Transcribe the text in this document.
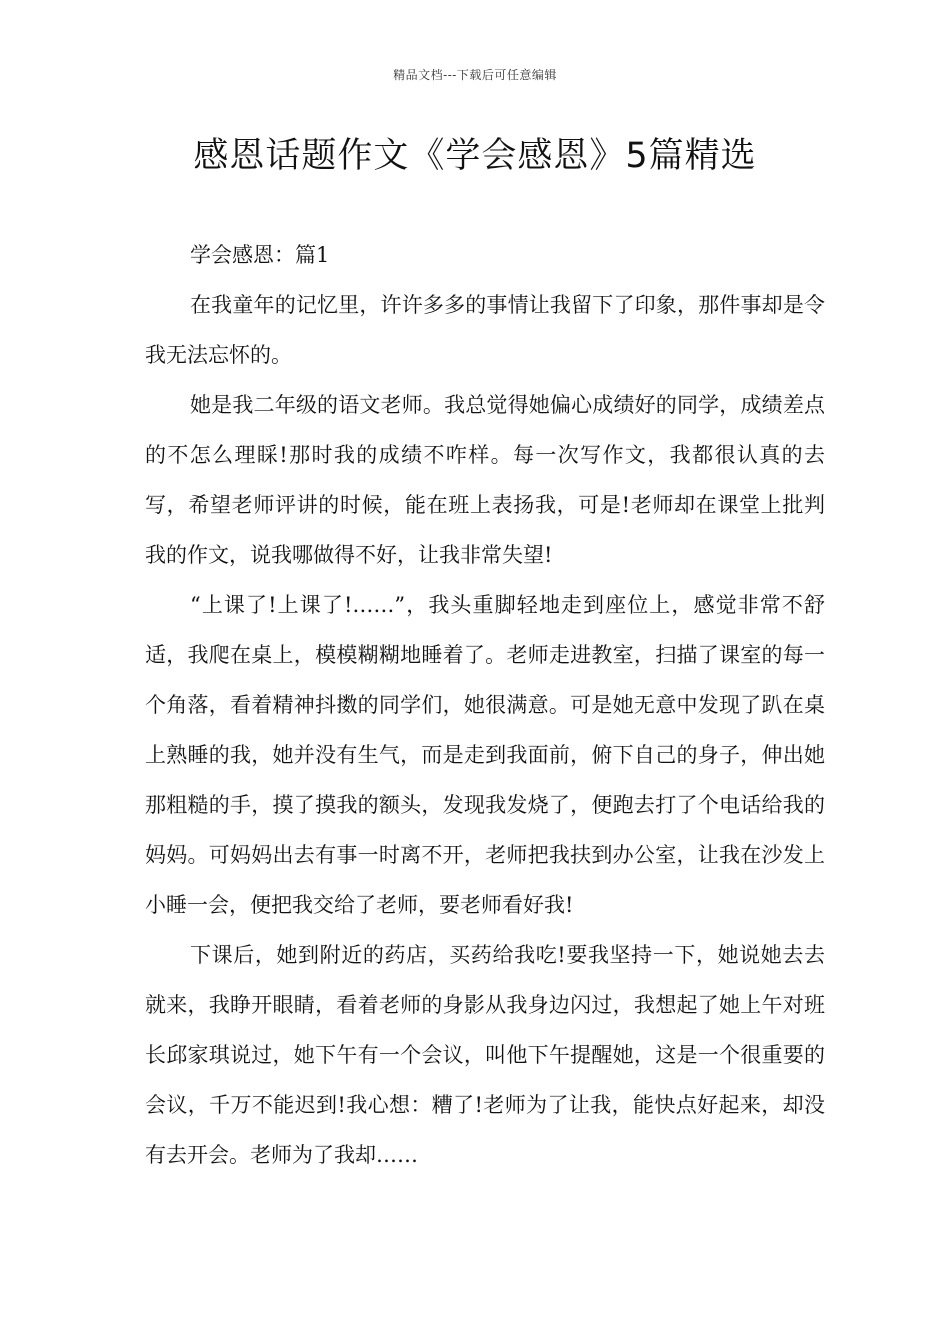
精品文档---下载后可任意编辑
感恩话题作文《学会感恩》5篇精选

学会感恩：篇1

在我童年的记忆里，许许多多的事情让我留下了印象，那件事却是令我无法忘怀的。

她是我二年级的语文老师。我总觉得她偏心成绩好的同学，成绩差点的不怎么理睬!那时我的成绩不咋样。每一次写作文，我都很认真的去写，希望老师评讲的时候，能在班上表扬我，可是!老师却在课堂上批判我的作文，说我哪做得不好，让我非常失望!

“上课了!上课了!……”，我头重脚轻地走到座位上，感觉非常不舒适，我爬在桌上，模模糊糊地睡着了。老师走进教室，扫描了课室的每一个角落，看着精神抖擞的同学们，她很满意。可是她无意中发现了趴在桌上熟睡的我，她并没有生气，而是走到我面前，俯下自己的身子，伸出她那粗糙的手，摸了摸我的额头，发现我发烧了，便跑去打了个电话给我的妈妈。可妈妈出去有事一时离不开，老师把我扶到办公室，让我在沙发上小睡一会，便把我交给了老师，要老师看好我!

下课后，她到附近的药店，买药给我吃!要我坚持一下，她说她去去就来，我睁开眼睛，看着老师的身影从我身边闪过，我想起了她上午对班长邱家琪说过，她下午有一个会议，叫他下午提醒她，这是一个很重要的会议，千万不能迟到!我心想：糟了!老师为了让我，能快点好起来，却没有去开会。老师为了我却……
